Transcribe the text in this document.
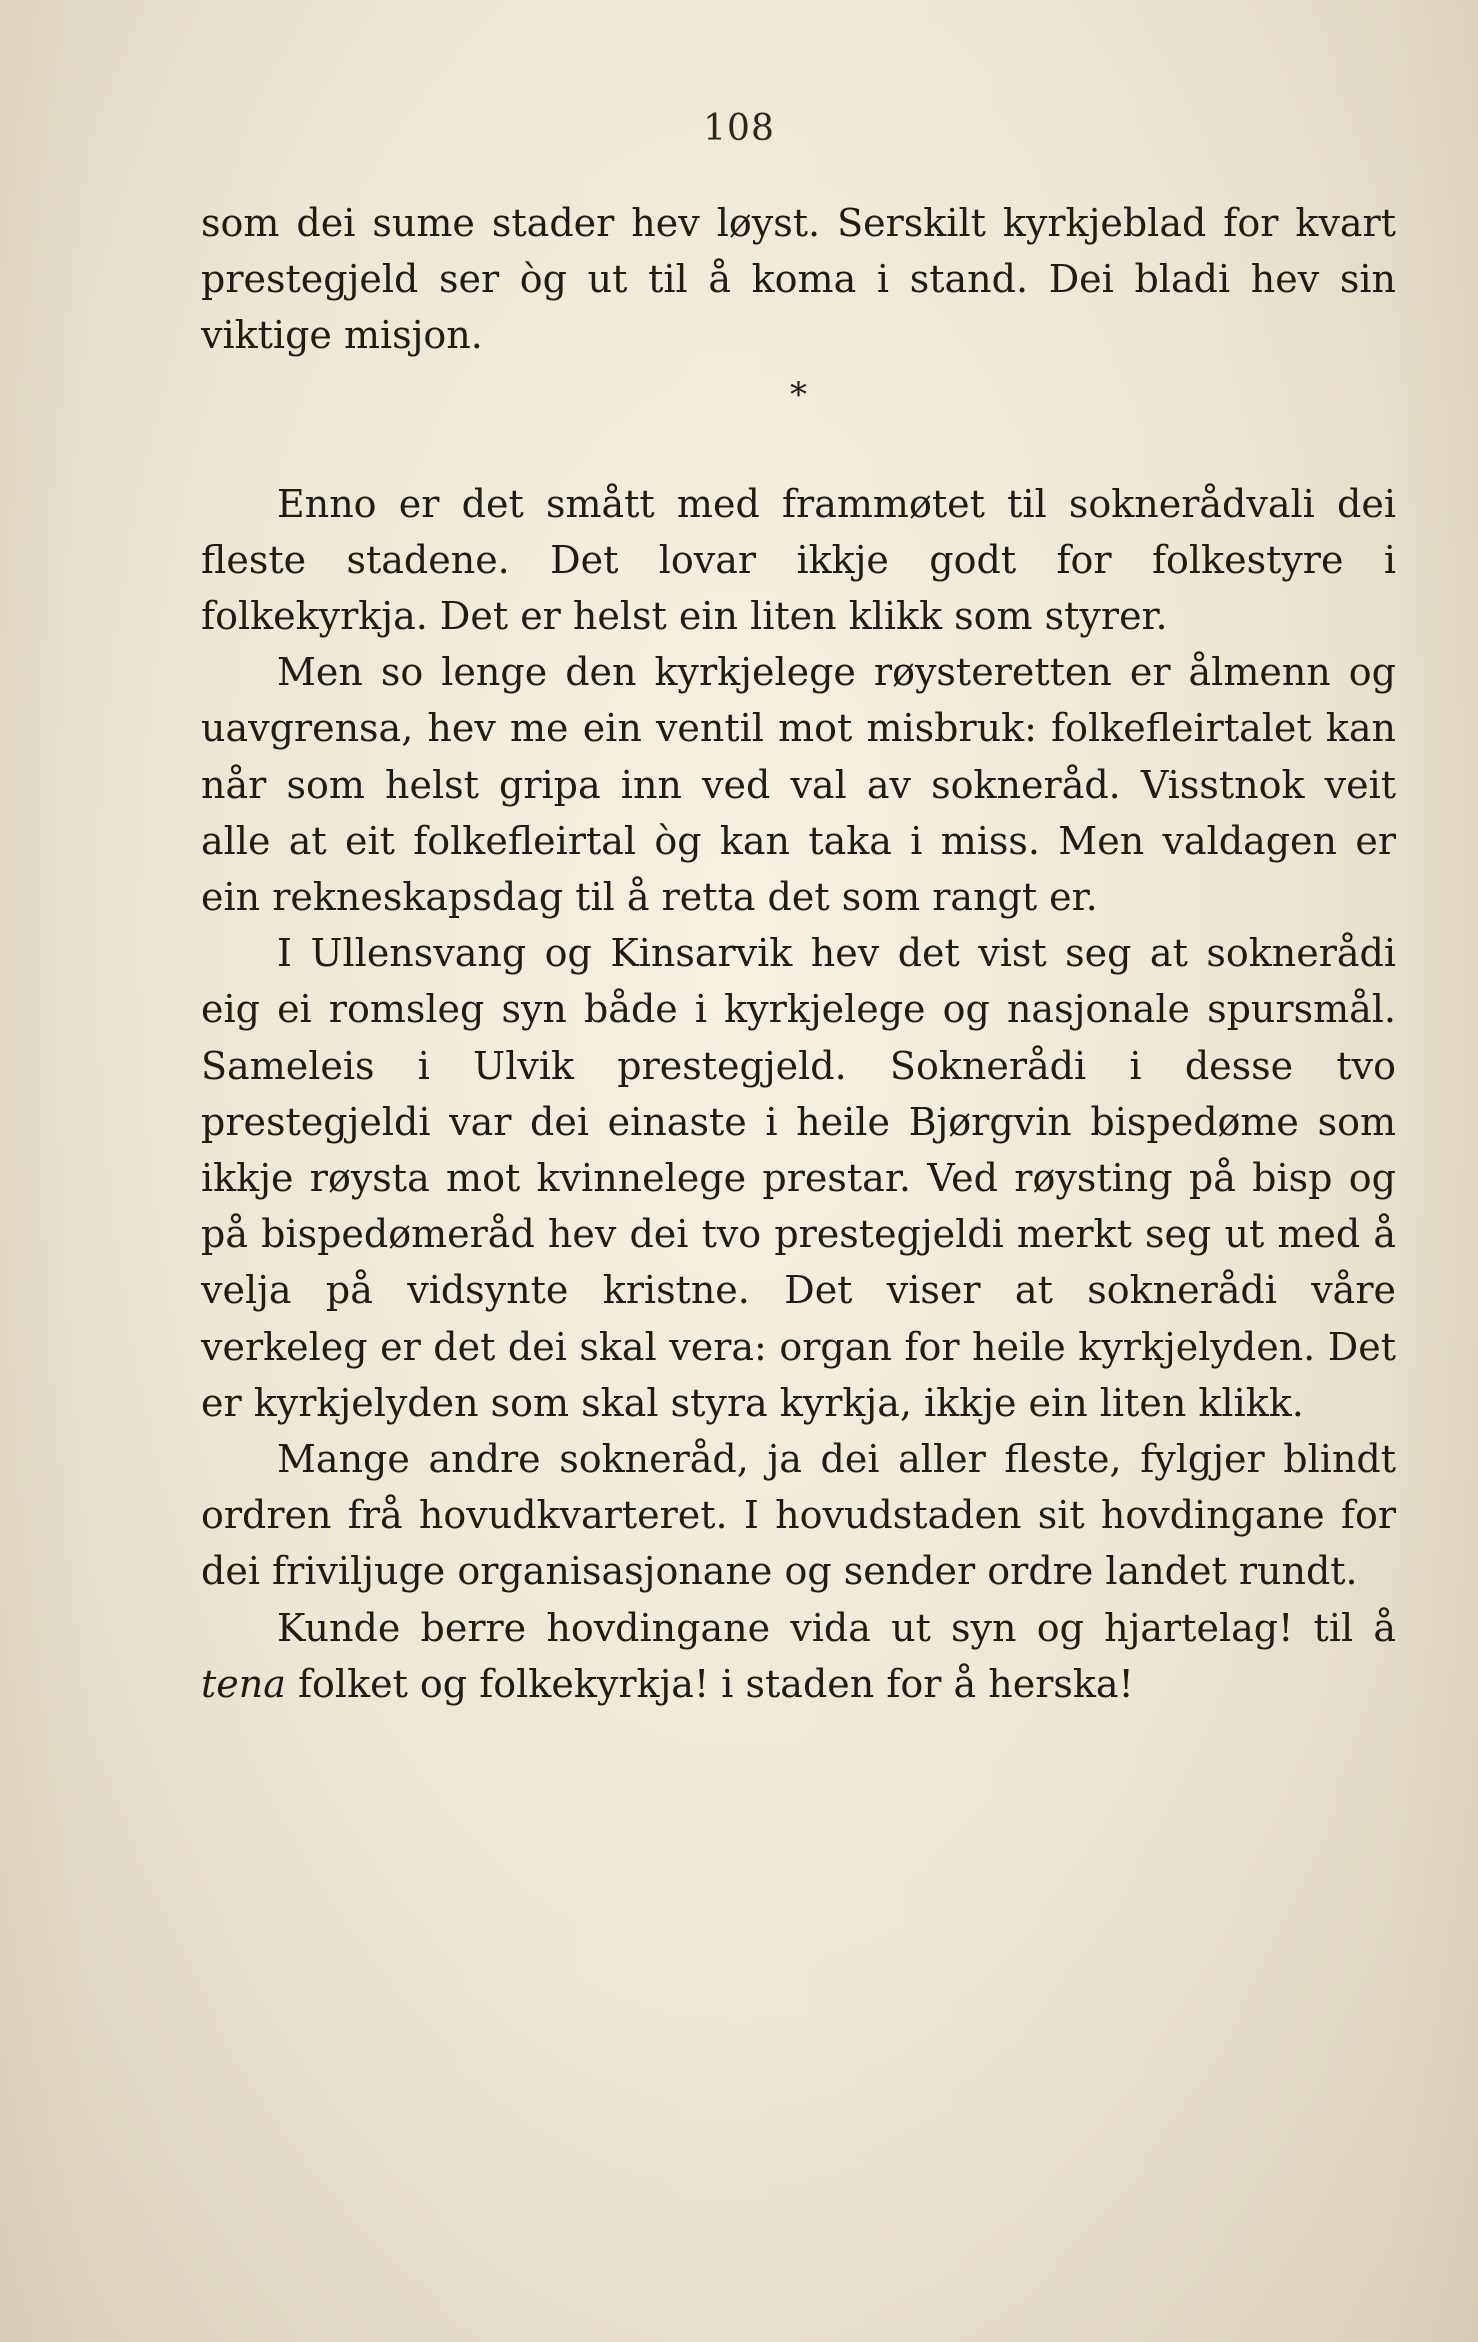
108

som dei sume stader hev løyst. Serskilt kyrkjeblad for kvart prestegjeld ser òg ut til å koma i stand. Dei bladi hev sin viktige misjon.

*

Enno er det smått med frammøtet til soknerådvali dei fleste stadene. Det lovar ikkje godt for folkestyre i folkekyrkja. Det er helst ein liten klikk som styrer.

Men so lenge den kyrkjelege røysteretten er ålmenn og uavgrensa, hev me ein ventil mot misbruk: folkefleirtalet kan når som helst gripa inn ved val av sokneråd. Visstnok veit alle at eit folkefleirtal òg kan taka i miss. Men valdagen er ein rekneskapsdag til å retta det som rangt er.

I Ullensvang og Kinsarvik hev det vist seg at soknerådi eig ei romsleg syn både i kyrkjelege og nasjonale spursmål. Sameleis i Ulvik prestegjeld. Soknerådi i desse tvo prestegjeldi var dei einaste i heile Bjørgvin bispedøme som ikkje røysta mot kvinnelege prestar. Ved røysting på bisp og på bispedømeråd hev dei tvo prestegjeldi merkt seg ut med å velja på vidsynte kristne. Det viser at soknerådi våre verkeleg er det dei skal vera: organ for heile kyrkjelyden. Det er kyrkjelyden som skal styra kyrkja, ikkje ein liten klikk.

Mange andre sokneråd, ja dei aller fleste, fylgjer blindt ordren frå hovudkvarteret. I hovudstaden sit hovdingane for dei friviljuge organisasjonane og sender ordre landet rundt.

Kunde berre hovdingane vida ut syn og hjartelag! til å tena folket og folkekyrkja! i staden for å herska!
